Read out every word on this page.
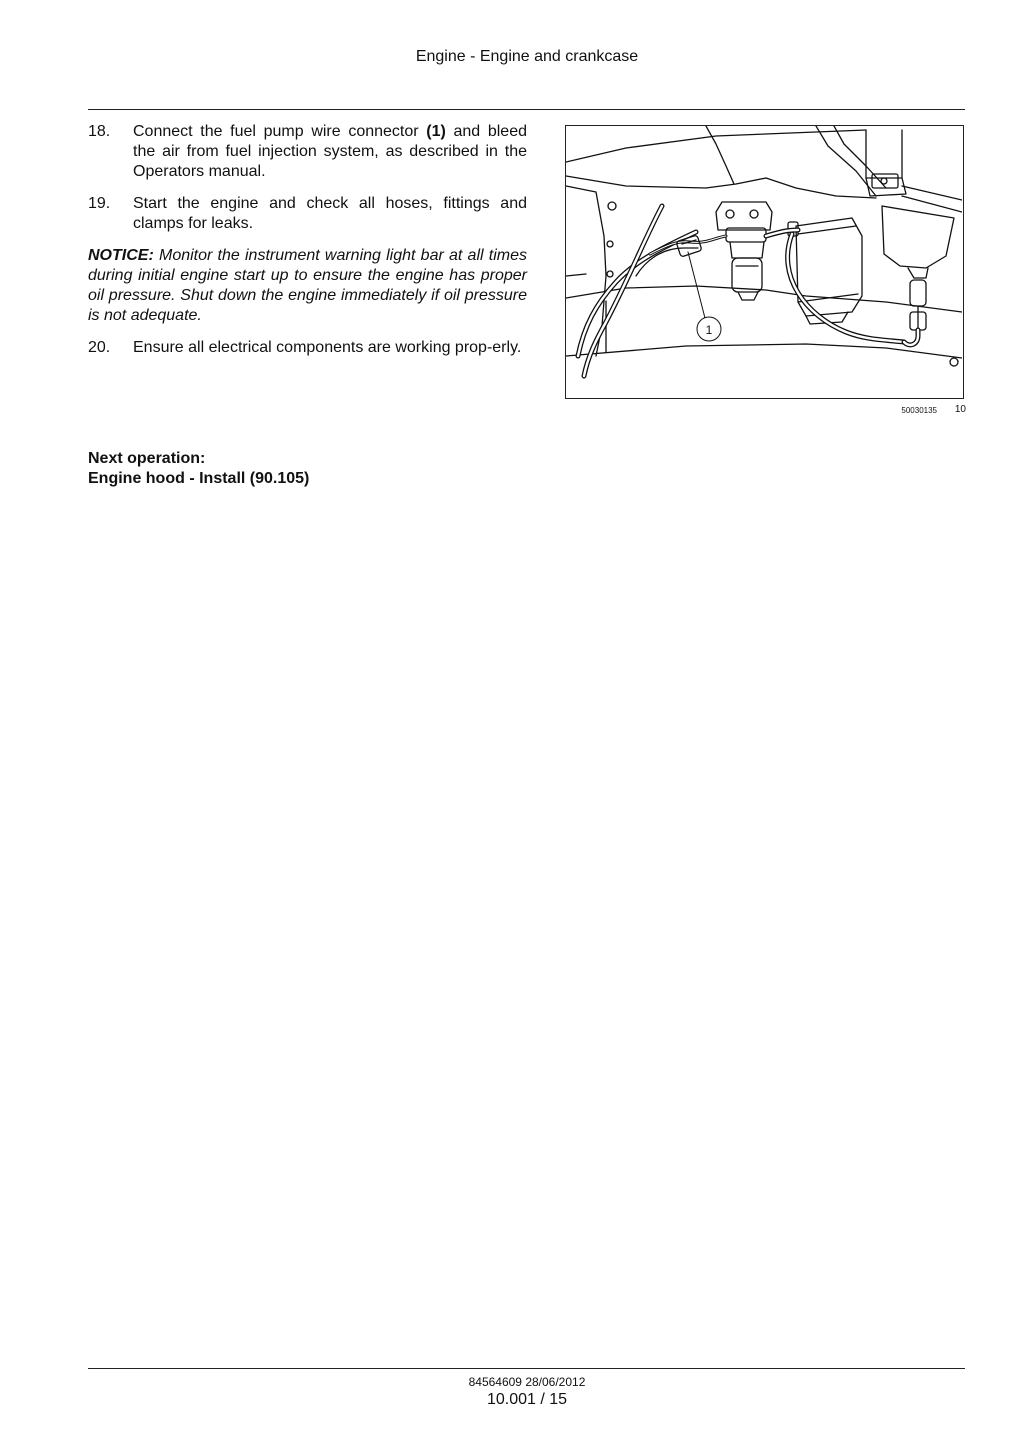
Engine - Engine and crankcase
18.	Connect the fuel pump wire connector (1) and bleed the air from fuel injection system, as described in the Operators manual.
19.	Start the engine and check all hoses, fittings and clamps for leaks.
NOTICE: Monitor the instrument warning light bar at all times during initial engine start up to ensure the engine has proper oil pressure. Shut down the engine immediately if oil pressure is not adequate.
20.	Ensure all electrical components are working prop-erly.
1
50030135	10
Next operation:
Engine hood - Install (90.105)
84564609 28/06/2012
10.001 / 15
